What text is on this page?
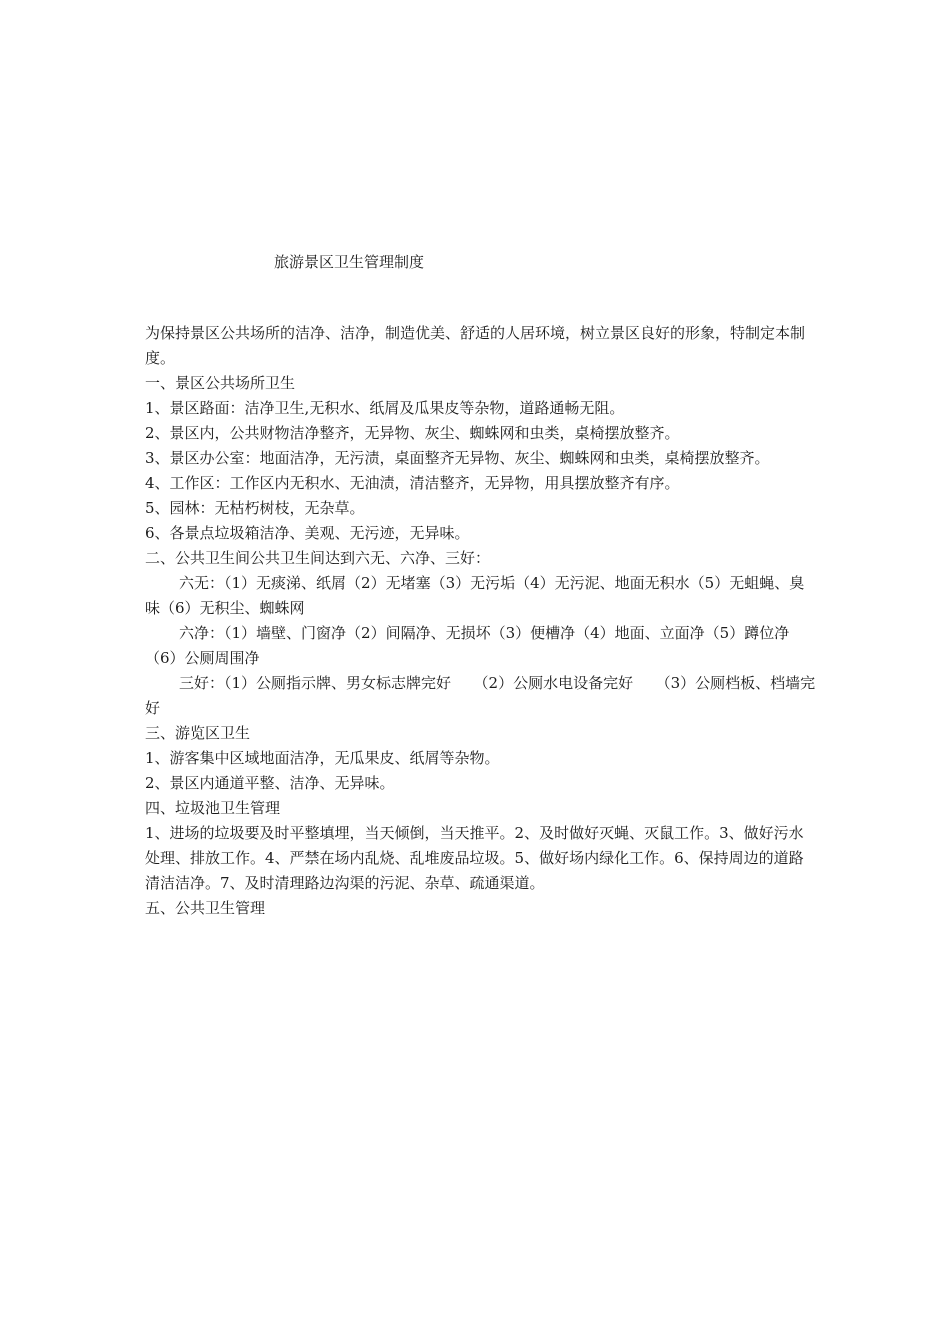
旅游景区卫生管理制度

为保持景区公共场所的洁净、洁净，制造优美、舒适的人居环境，树立景区良好的形象，特制定本制度。

一、景区公共场所卫生

1、景区路面：洁净卫生,无积水、纸屑及瓜果皮等杂物，道路通畅无阻。

2、景区内，公共财物洁净整齐，无异物、灰尘、蜘蛛网和虫类，桌椅摆放整齐。

3、景区办公室：地面洁净，无污渍，桌面整齐无异物、灰尘、蜘蛛网和虫类，桌椅摆放整齐。

4、工作区：工作区内无积水、无油渍，清洁整齐，无异物，用具摆放整齐有序。

5、园林：无枯朽树枝，无杂草。

6、各景点垃圾箱洁净、美观、无污迹，无异味。

二、公共卫生间公共卫生间达到六无、六净、三好：

六无：（1）无痰涕、纸屑（2）无堵塞（3）无污垢（4）无污泥、地面无积水（5）无蛆蝇、臭味（6）无积尘、蜘蛛网

六净：（1）墙壁、门窗净（2）间隔净、无损坏（3）便槽净（4）地面、立面净（5）蹲位净（6）公厕周围净

三好：（1）公厕指示牌、男女标志牌完好　　（2）公厕水电设备完好　　（3）公厕档板、档墙完好

三、游览区卫生

1、游客集中区域地面洁净，无瓜果皮、纸屑等杂物。

2、景区内通道平整、洁净、无异味。

四、垃圾池卫生管理

1、进场的垃圾要及时平整填埋，当天倾倒，当天推平。2、及时做好灭蝇、灭鼠工作。3、做好污水处理、排放工作。4、严禁在场内乱烧、乱堆废品垃圾。5、做好场内绿化工作。6、保持周边的道路清洁洁净。7、及时清理路边沟渠的污泥、杂草、疏通渠道。

五、公共卫生管理
